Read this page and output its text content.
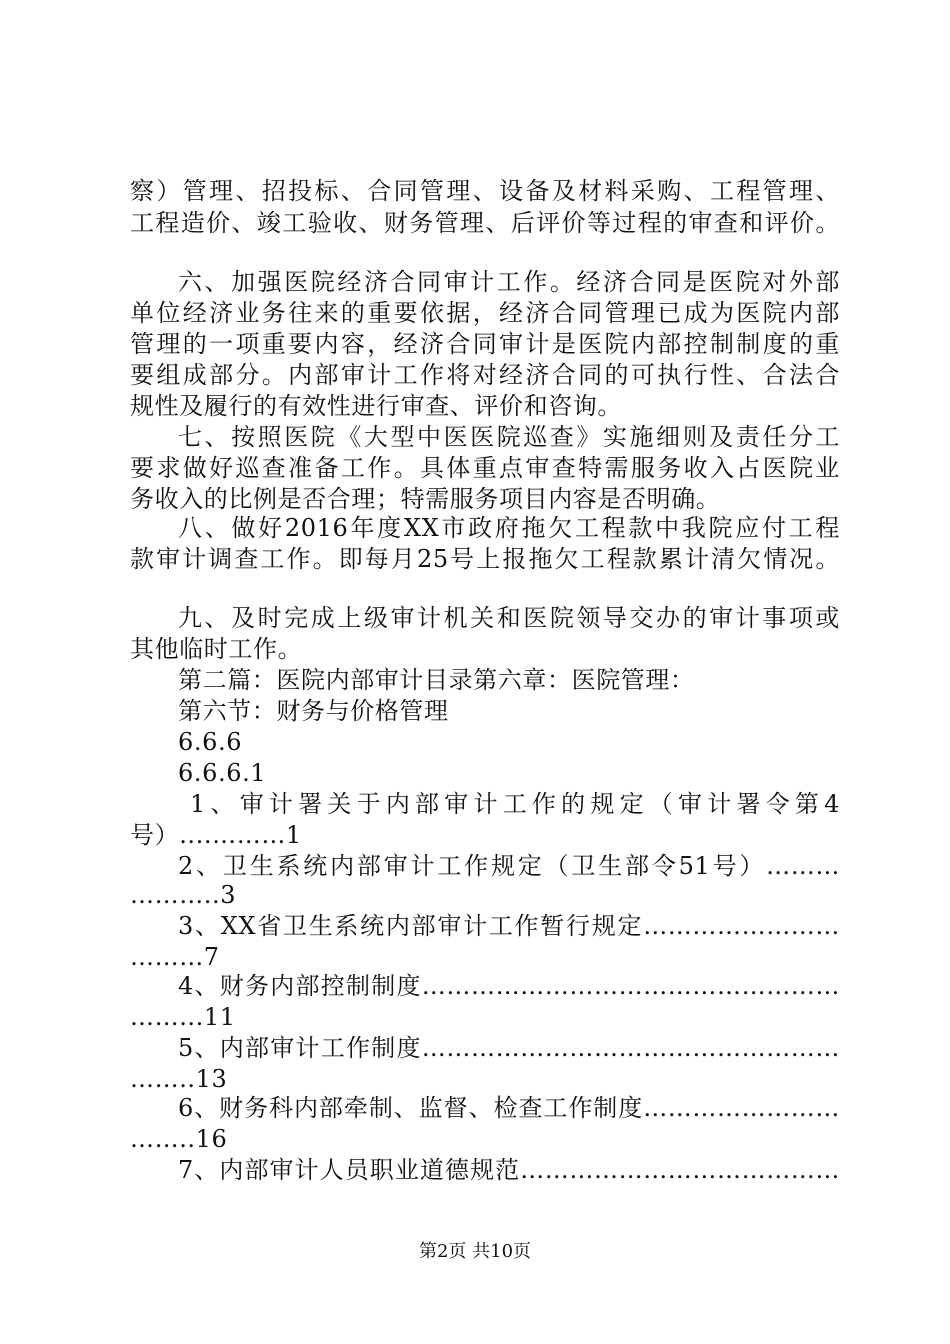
察）管理、招投标、合同管理、设备及材料采购、工程管理、
工程造价、竣工验收、财务管理、后评价等过程的审查和评价。
六、加强医院经济合同审计工作。经济合同是医院对外部
单位经济业务往来的重要依据，经济合同管理已成为医院内部
管理的一项重要内容，经济合同审计是医院内部控制制度的重
要组成部分。内部审计工作将对经济合同的可执行性、合法合
规性及履行的有效性进行审查、评价和咨询。
七、按照医院《大型中医医院巡查》实施细则及责任分工
要求做好巡查准备工作。具体重点审查特需服务收入占医院业
务收入的比例是否合理；特需服务项目内容是否明确。
八、做好2016年度XX市政府拖欠工程款中我院应付工程
款审计调查工作。即每月25号上报拖欠工程款累计清欠情况。
九、及时完成上级审计机关和医院领导交办的审计事项或
其他临时工作。
第二篇：医院内部审计目录第六章：医院管理：
第六节：财务与价格管理
6.6.6
6.6.6.1
1、审计署关于内部审计工作的规定（审计署令第4
号）....………1
2、卫生系统内部审计工作规定（卫生部令51号）………
………..3
3、XX省卫生系统内部审计工作暂行规定……………………
………7
4、财务内部控制制度……………………………………………
……...11
5、内部审计工作制度……………………………………………
……..13
6、财务科内部牵制、监督、检查工作制度……………………
……..16
7、内部审计人员职业道德规范…………………………………
第2页 共10页
